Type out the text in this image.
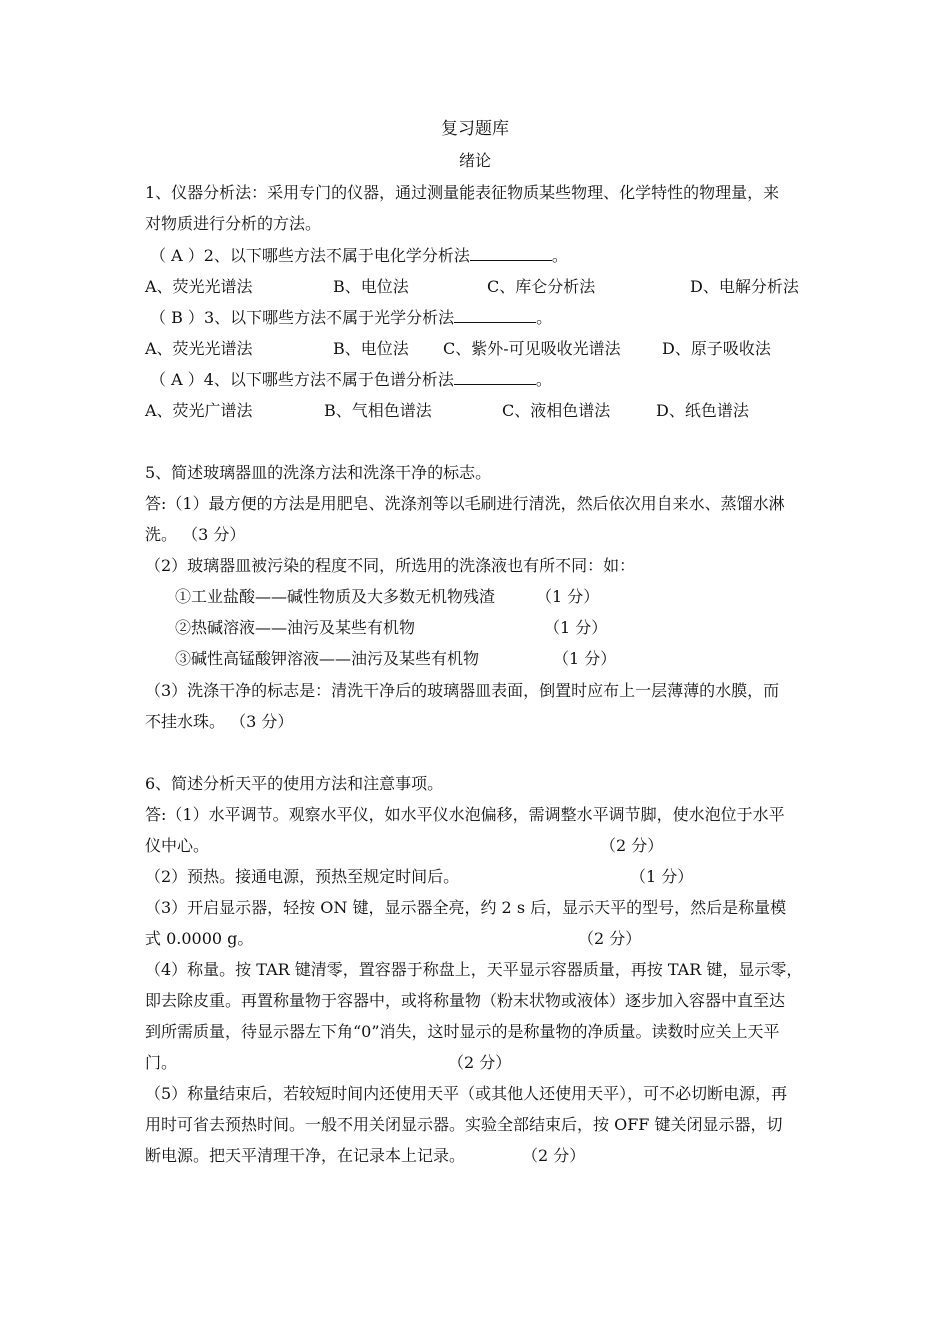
复习题库
绪论
1、仪器分析法：采用专门的仪器，通过测量能表征物质某些物理、化学特性的物理量，来
对物质进行分析的方法。
（ A ）2、以下哪些方法不属于电化学分析法	。
A、荧光光谱法	B、电位法	C、库仑分析法	D、电解分析法
（ B ）3、以下哪些方法不属于光学分析法	。
A、荧光光谱法	B、电位法 C、紫外-可见吸收光谱法	D、原子吸收法
（ A ）4、以下哪些方法不属于色谱分析法	。
A、荧光广谱法	B、气相色谱法	C、液相色谱法	D、纸色谱法
5、简述玻璃器皿的洗涤方法和洗涤干净的标志。
答:（1）最方便的方法是用肥皂、洗涤剂等以毛刷进行清洗，然后依次用自来水、蒸馏水淋
洗。 （3 分）
（2）玻璃器皿被污染的程度不同，所选用的洗涤液也有所不同：如：
①工业盐酸——碱性物质及大多数无机物残渣	（1 分）
②热碱溶液——油污及某些有机物	（1 分）
③碱性高锰酸钾溶液——油污及某些有机物	（1 分）
（3）洗涤干净的标志是：清洗干净后的玻璃器皿表面，倒置时应布上一层薄薄的水膜，而
不挂水珠。 （3 分）
6、简述分析天平的使用方法和注意事项。
答:（1）水平调节。观察水平仪，如水平仪水泡偏移，需调整水平调节脚，使水泡位于水平
仪中心。	（2 分）
（2）预热。接通电源，预热至规定时间后。	（1 分）
（3）开启显示器，轻按 ON 键，显示器全亮，约 2 s 后，显示天平的型号，然后是称量模
式 0.0000 g。	（2 分）
（4）称量。按 TAR 键清零，置容器于称盘上，天平显示容器质量，再按 TAR 键，显示零，
即去除皮重。再置称量物于容器中，或将称量物（粉末状物或液体）逐步加入容器中直至达
到所需质量，待显示器左下角“0”消失，这时显示的是称量物的净质量。读数时应关上天平
门。	（2 分）
（5）称量结束后，若较短时间内还使用天平（或其他人还使用天平），可不必切断电源，再
用时可省去预热时间。一般不用关闭显示器。实验全部结束后，按 OFF 键关闭显示器，切
断电源。把天平清理干净，在记录本上记录。	（2 分）
